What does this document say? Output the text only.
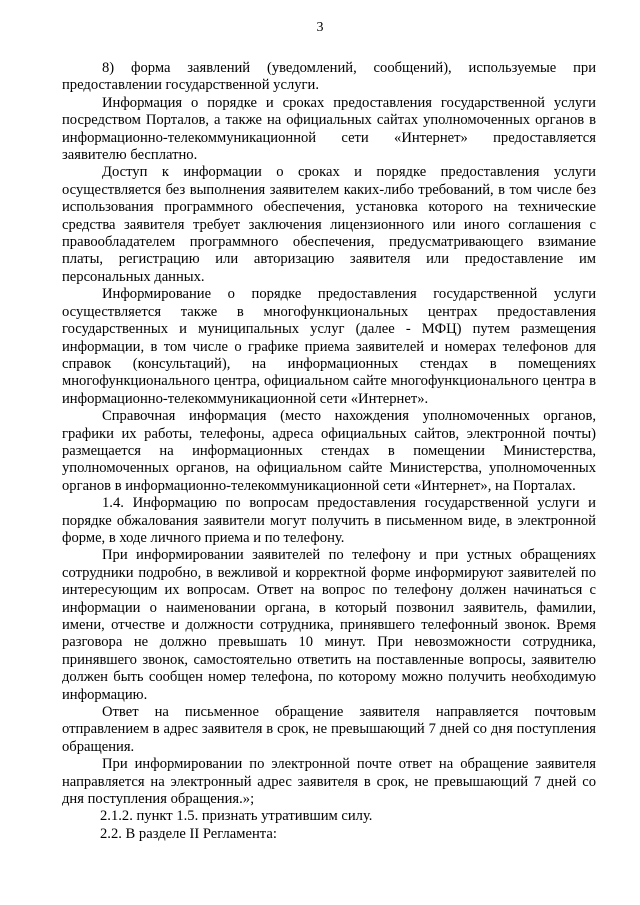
3

8) форма заявлений (уведомлений, сообщений), используемые при предоставлении государственной услуги.

Информация о порядке и сроках предоставления государственной услуги посредством Порталов, а также на официальных сайтах уполномоченных органов в информационно-телекоммуникационной сети «Интернет» предоставляется заявителю бесплатно.

Доступ к информации о сроках и порядке предоставления услуги осуществляется без выполнения заявителем каких-либо требований, в том числе без использования программного обеспечения, установка которого на технические средства заявителя требует заключения лицензионного или иного соглашения с правообладателем программного обеспечения, предусматривающего взимание платы, регистрацию или авторизацию заявителя или предоставление им персональных данных.

Информирование о порядке предоставления государственной услуги осуществляется также в многофункциональных центрах предоставления государственных и муниципальных услуг (далее - МФЦ) путем размещения информации, в том числе о графике приема заявителей и номерах телефонов для справок (консультаций), на информационных стендах в помещениях многофункционального центра, официальном сайте многофункционального центра в информационно-телекоммуникационной сети «Интернет».

Справочная информация (место нахождения уполномоченных органов, графики их работы, телефоны, адреса официальных сайтов, электронной почты) размещается на информационных стендах в помещении Министерства, уполномоченных органов, на официальном сайте Министерства, уполномоченных органов в информационно-телекоммуникационной сети «Интернет», на Порталах.

1.4. Информацию по вопросам предоставления государственной услуги и порядке обжалования заявители могут получить в письменном виде, в электронной форме, в ходе личного приема и по телефону.

При информировании заявителей по телефону и при устных обращениях сотрудники подробно, в вежливой и корректной форме информируют заявителей по интересующим их вопросам. Ответ на вопрос по телефону должен начинаться с информации о наименовании органа, в который позвонил заявитель, фамилии, имени, отчестве и должности сотрудника, принявшего телефонный звонок. Время разговора не должно превышать 10 минут. При невозможности сотрудника, принявшего звонок, самостоятельно ответить на поставленные вопросы, заявителю должен быть сообщен номер телефона, по которому можно получить необходимую информацию.

Ответ на письменное обращение заявителя направляется почтовым отправлением в адрес заявителя в срок, не превышающий 7 дней со дня поступления обращения.

При информировании по электронной почте ответ на обращение заявителя направляется на электронный адрес заявителя в срок, не превышающий 7 дней со дня поступления обращения.»;

2.1.2. пункт 1.5. признать утратившим силу.

2.2. В разделе II Регламента:
